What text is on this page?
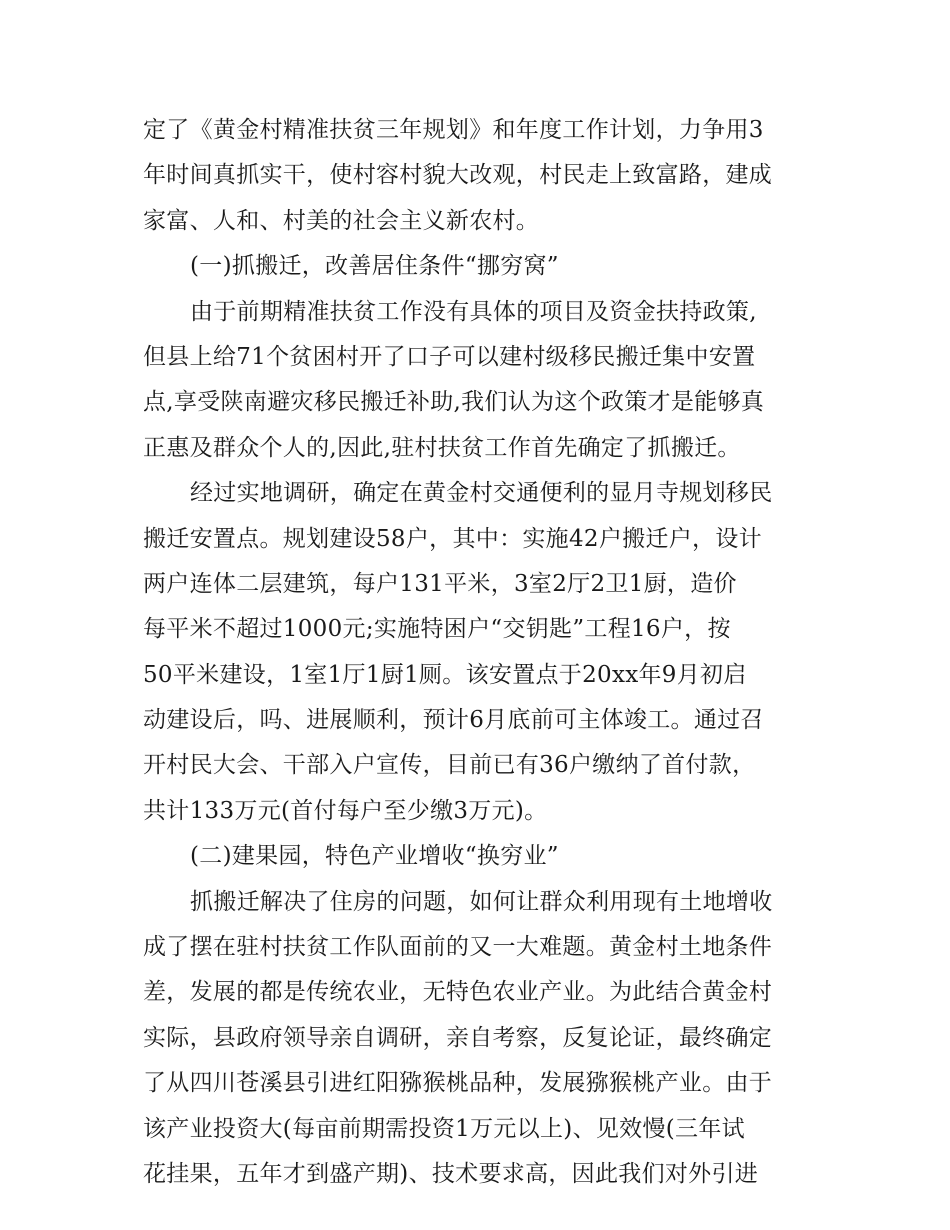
定了《黄金村精准扶贫三年规划》和年度工作计划，力争用3
年时间真抓实干，使村容村貌大改观，村民走上致富路，建成
家富、人和、村美的社会主义新农村。
(一)抓搬迁，改善居住条件“挪穷窝”
由于前期精准扶贫工作没有具体的项目及资金扶持政策,
但县上给71个贫困村开了口子可以建村级移民搬迁集中安置
点,享受陕南避灾移民搬迁补助,我们认为这个政策才是能够真
正惠及群众个人的,因此,驻村扶贫工作首先确定了抓搬迁。
经过实地调研，确定在黄金村交通便利的显月寺规划移民
搬迁安置点。规划建设58户，其中：实施42户搬迁户，设计
两户连体二层建筑，每户131平米，3室2厅2卫1厨，造价
每平米不超过1000元;实施特困户“交钥匙”工程16户，按
50平米建设，1室1厅1厨1厕。该安置点于20xx年9月初启
动建设后，吗、进展顺利，预计6月底前可主体竣工。通过召
开村民大会、干部入户宣传，目前已有36户缴纳了首付款，
共计133万元(首付每户至少缴3万元)。
(二)建果园，特色产业增收“换穷业”
抓搬迁解决了住房的问题，如何让群众利用现有土地增收
成了摆在驻村扶贫工作队面前的又一大难题。黄金村土地条件
差，发展的都是传统农业，无特色农业产业。为此结合黄金村
实际，县政府领导亲自调研，亲自考察，反复论证，最终确定
了从四川苍溪县引进红阳猕猴桃品种，发展猕猴桃产业。由于
该产业投资大(每亩前期需投资1万元以上)、见效慢(三年试
花挂果，五年才到盛产期)、技术要求高，因此我们对外引进
